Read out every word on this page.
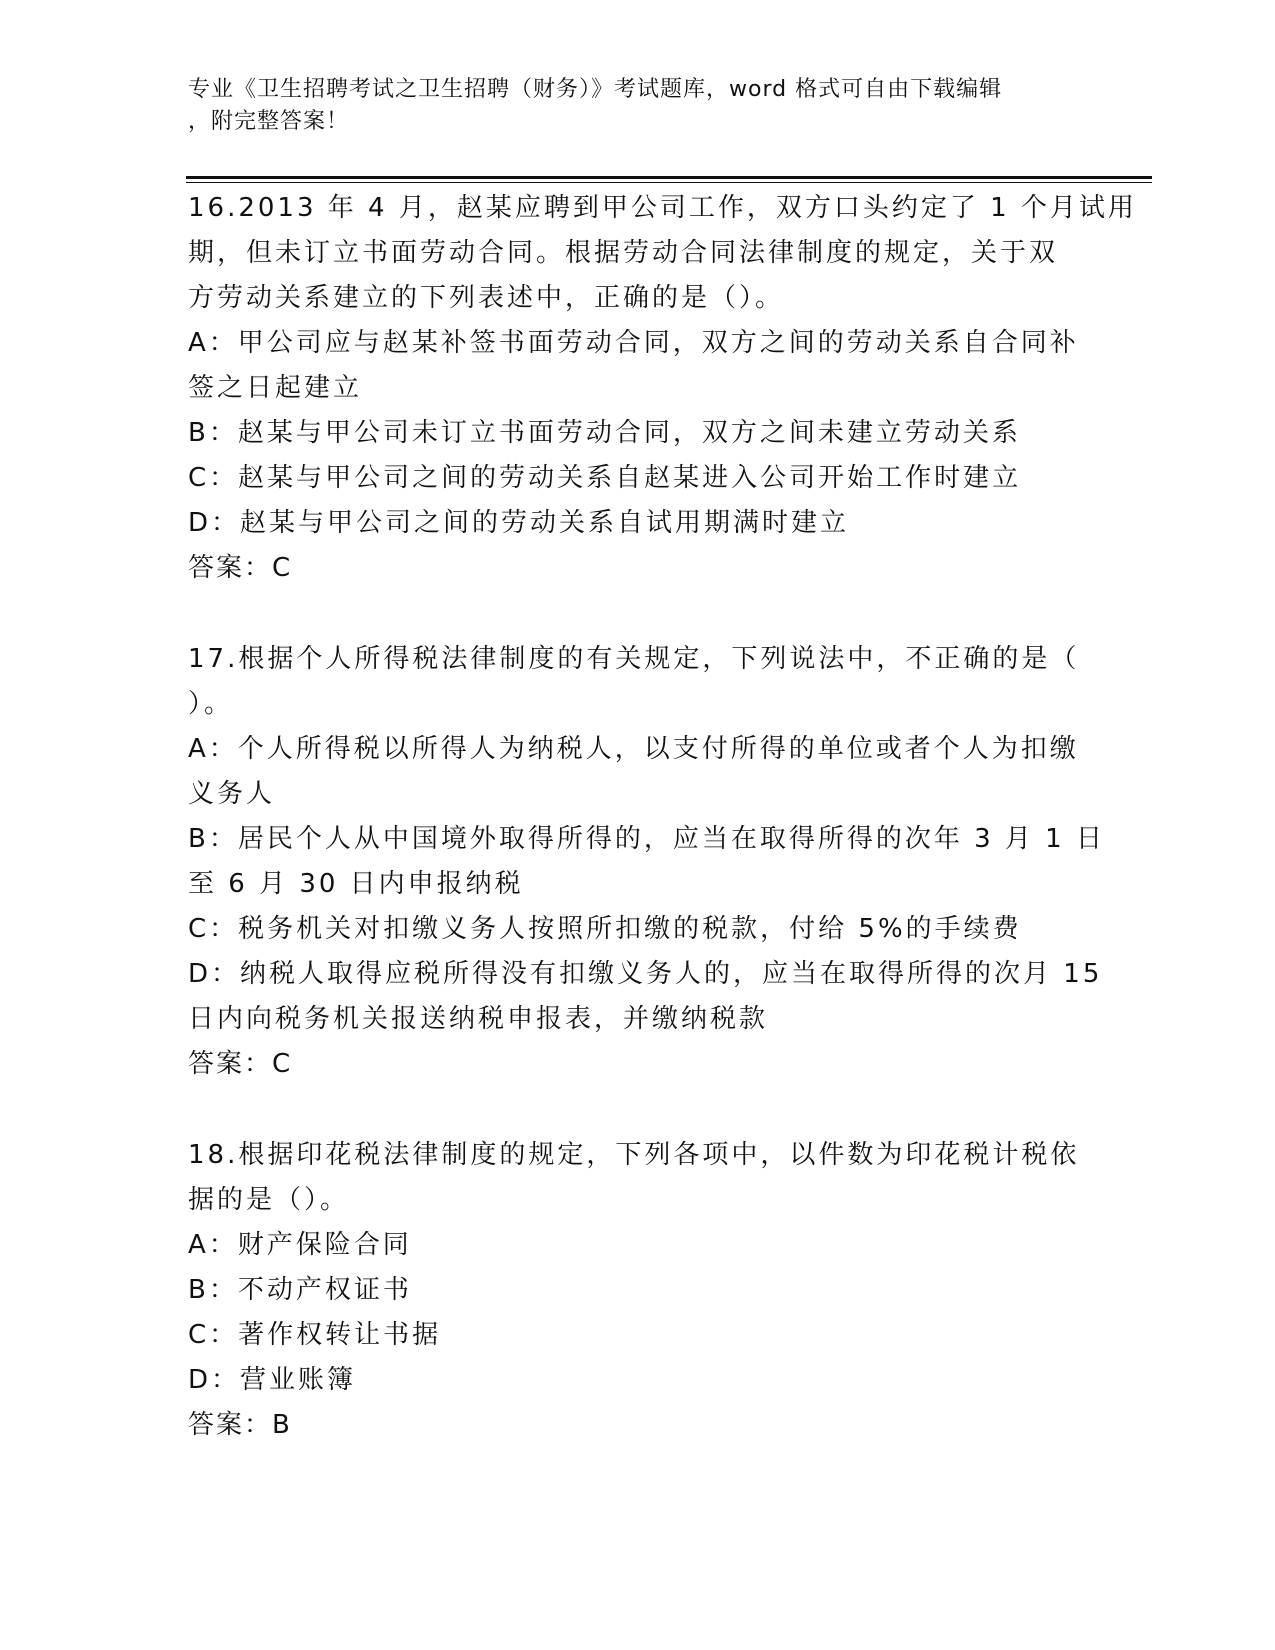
专业《卫生招聘考试之卫生招聘（财务）》考试题库，word 格式可自由下载编辑
，附完整答案！
16.2013 年 4 月，赵某应聘到甲公司工作，双方口头约定了 1 个月试用
期，但未订立书面劳动合同。根据劳动合同法律制度的规定，关于双
方劳动关系建立的下列表述中，正确的是（）。
A：甲公司应与赵某补签书面劳动合同，双方之间的劳动关系自合同补
签之日起建立
B：赵某与甲公司未订立书面劳动合同，双方之间未建立劳动关系
C：赵某与甲公司之间的劳动关系自赵某进入公司开始工作时建立
D：赵某与甲公司之间的劳动关系自试用期满时建立
答案：C
17.根据个人所得税法律制度的有关规定，下列说法中，不正确的是（
）。
A：个人所得税以所得人为纳税人，以支付所得的单位或者个人为扣缴
义务人
B：居民个人从中国境外取得所得的，应当在取得所得的次年 3 月 1 日
至 6 月 30 日内申报纳税
C：税务机关对扣缴义务人按照所扣缴的税款，付给 5%的手续费
D：纳税人取得应税所得没有扣缴义务人的，应当在取得所得的次月 15
日内向税务机关报送纳税申报表，并缴纳税款
答案：C
18.根据印花税法律制度的规定，下列各项中，以件数为印花税计税依
据的是（）。
A：财产保险合同
B：不动产权证书
C：著作权转让书据
D：营业账簿
答案：B
